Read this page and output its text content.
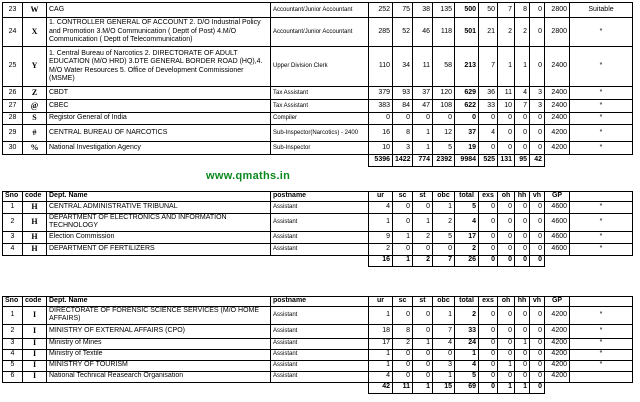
23	W	CAG	Accountant/Junior Accountant	252	75	38	135	500	50	7	8	0	2800	Suitable
24	X	1. CONTROLLER GENERAL OF ACCOUNT 2. D/O Industrial Policy and Promotion 3.M/O Communication ( Deptt of Post) 4.M/O Communication ( Deptt of Telecommunication)	Accountant/Junior Accountant	285	52	46	118	501	21	2	2	0	2800	*
25	Y	1. Central Bureau of Narcotics 2. DIRECTORATE OF ADULT EDUCATION (M/O HRD) 3.DTE GENERAL BORDER ROAD (HQ),4. M/O Water Resources 5. Office of Development Commissioner (MSME)	Upper Division Clerk	110	34	11	58	213	7	1	1	0	2400	*
26	Z	CBDT	Tax Assistant	379	93	37	120	629	36	11	4	3	2400	*
27	@	CBEC	Tax Assistant	383	84	47	108	622	33	10	7	3	2400	*
28	S	Registor General of India	Compiler	0	0	0	0	0	0	0	0	0	2400	*
29	#	CENTRAL BUREAU OF NARCOTICS	Sub-Inspector(Narcotics) - 2400	16	8	1	12	37	4	0	0	0	4200	*
30	%	National Investigation Agency	Sub-Inspector	10	3	1	5	19	0	0	0	0	4200	*
				5396	1422	774	2392	9984	525	131	95	42		
www.qmaths.in
Sno	code	Dept. Name	postname	ur	sc	st	obc	total	exs	oh	hh	vh	GP	
1	H	CENTRAL ADMINISTRATIVE TRIBUNAL	Assistant	4	0	0	1	5	0	0	0	0	4600	*
2	H	DEPARTMENT OF ELECTRONICS AND INFORMATION TECHNOLOGY	Assistant	1	0	1	2	4	0	0	0	0	4600	*
3	H	Election Commission	Assistant	9	1	2	5	17	0	0	0	0	4600	*
4	H	DEPARTMENT OF FERTILIZERS	Assistant	2	0	0	0	2	0	0	0	0	4600	*
				16	1	2	7	26	0	0	0	0		
Sno	code	Dept. Name	postname	ur	sc	st	obc	total	exs	oh	hh	vh	GP	
1	I	DIRECTORATE OF FORENSIC SCIENCE SERVICES (M/O HOME AFFAIRS)	Assistant	1	0	0	1	2	0	0	0	0	4200	*
2	I	MINISTRY OF EXTERNAL AFFAIRS (CPO)	Assistant	18	8	0	7	33	0	0	0	0	4200	*
3	I	Ministry of Mines	Assistant	17	2	1	4	24	0	0	1	0	4200	*
4	I	Ministry of Textile	Assistant	1	0	0	0	1	0	0	0	0	4200	*
5	I	MINISTRY OF TOURISM	Assistant	1	0	0	3	4	0	1	0	0	4200	*
6	I	National Technical Reasearch Organisation	Assistant	4	0	0	1	5	0	0	0	0	4200	
				42	11	1	15	69	0	1	1	0		
